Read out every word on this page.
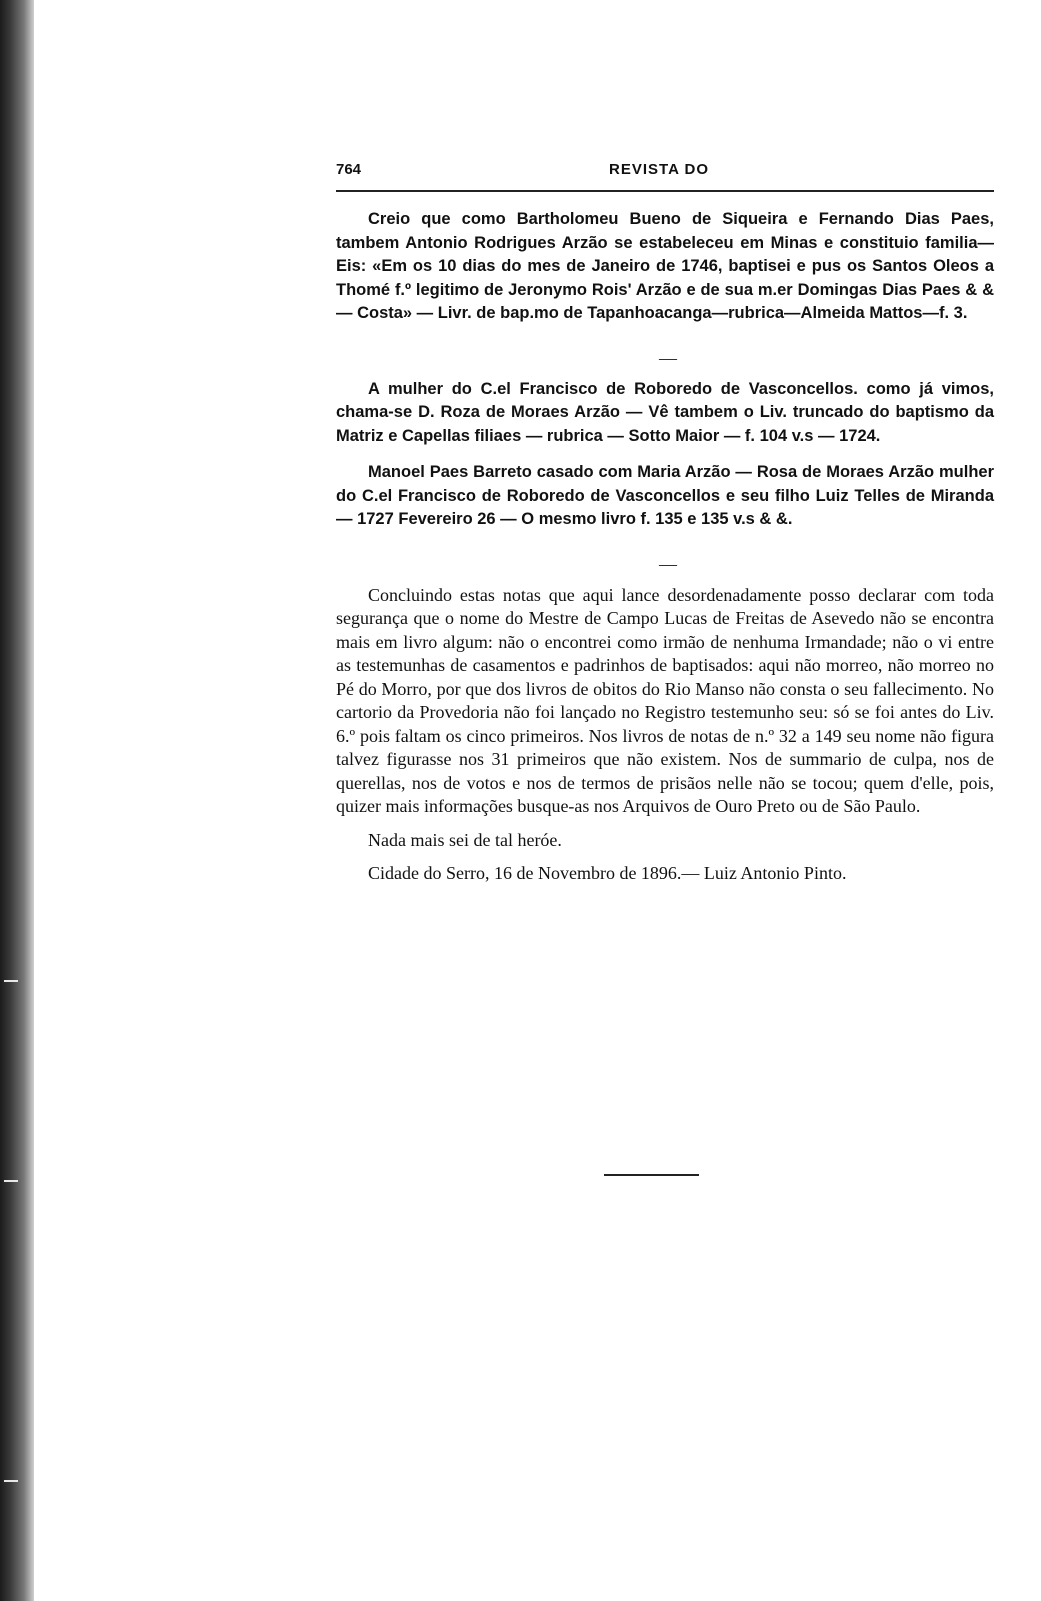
764	REVISTA DO

Creio que como Bartholomeu Bueno de Siqueira e Fernando Dias Paes, tambem Antonio Rodrigues Arzão se estabeleceu em Minas e constituio familia—Eis: «Em os 10 dias do mes de Janeiro de 1746, baptisei e pus os Santos Oleos a Thomé f.º legitimo de Jeronymo Rois' Arzão e de sua m.er Domingas Dias Paes & & — Costa» — Livr. de bap.mo de Tapanhoacanga—rubrica—Almeida Mattos—f. 3.

—

A mulher do C.el Francisco de Roboredo de Vasconcellos. como já vimos, chama-se D. Roza de Moraes Arzão — Vê tambem o Liv. truncado do baptismo da Matriz e Capellas filiaes — rubrica — Sotto Maior — f. 104 v.s — 1724.

Manoel Paes Barreto casado com Maria Arzão — Rosa de Moraes Arzão mulher do C.el Francisco de Roboredo de Vasconcellos e seu filho Luiz Telles de Miranda — 1727 Fevereiro 26 — O mesmo livro f. 135 e 135 v.s & &.

—

Concluindo estas notas que aqui lance desordenadamente posso declarar com toda segurança que o nome do Mestre de Campo Lucas de Freitas de Asevedo não se encontra mais em livro algum: não o encontrei como irmão de nenhuma Irmandade; não o vi entre as testemunhas de casamentos e padrinhos de baptisados: aqui não morreo, não morreo no Pé do Morro, por que dos livros de obitos do Rio Manso não consta o seu fallecimento. No cartorio da Provedoria não foi lançado no Registro testemunho seu: só se foi antes do Liv. 6.º pois faltam os cinco primeiros. Nos livros de notas de n.º 32 a 149 seu nome não figura talvez figurasse nos 31 primeiros que não existem. Nos de summario de culpa, nos de querellas, nos de votos e nos de termos de prisãos nelle não se tocou; quem d'elle, pois, quizer mais informações busque-as nos Arquivos de Ouro Preto ou de São Paulo.

Nada mais sei de tal heróe.

Cidade do Serro, 16 de Novembro de 1896.— Luiz Antonio Pinto.
